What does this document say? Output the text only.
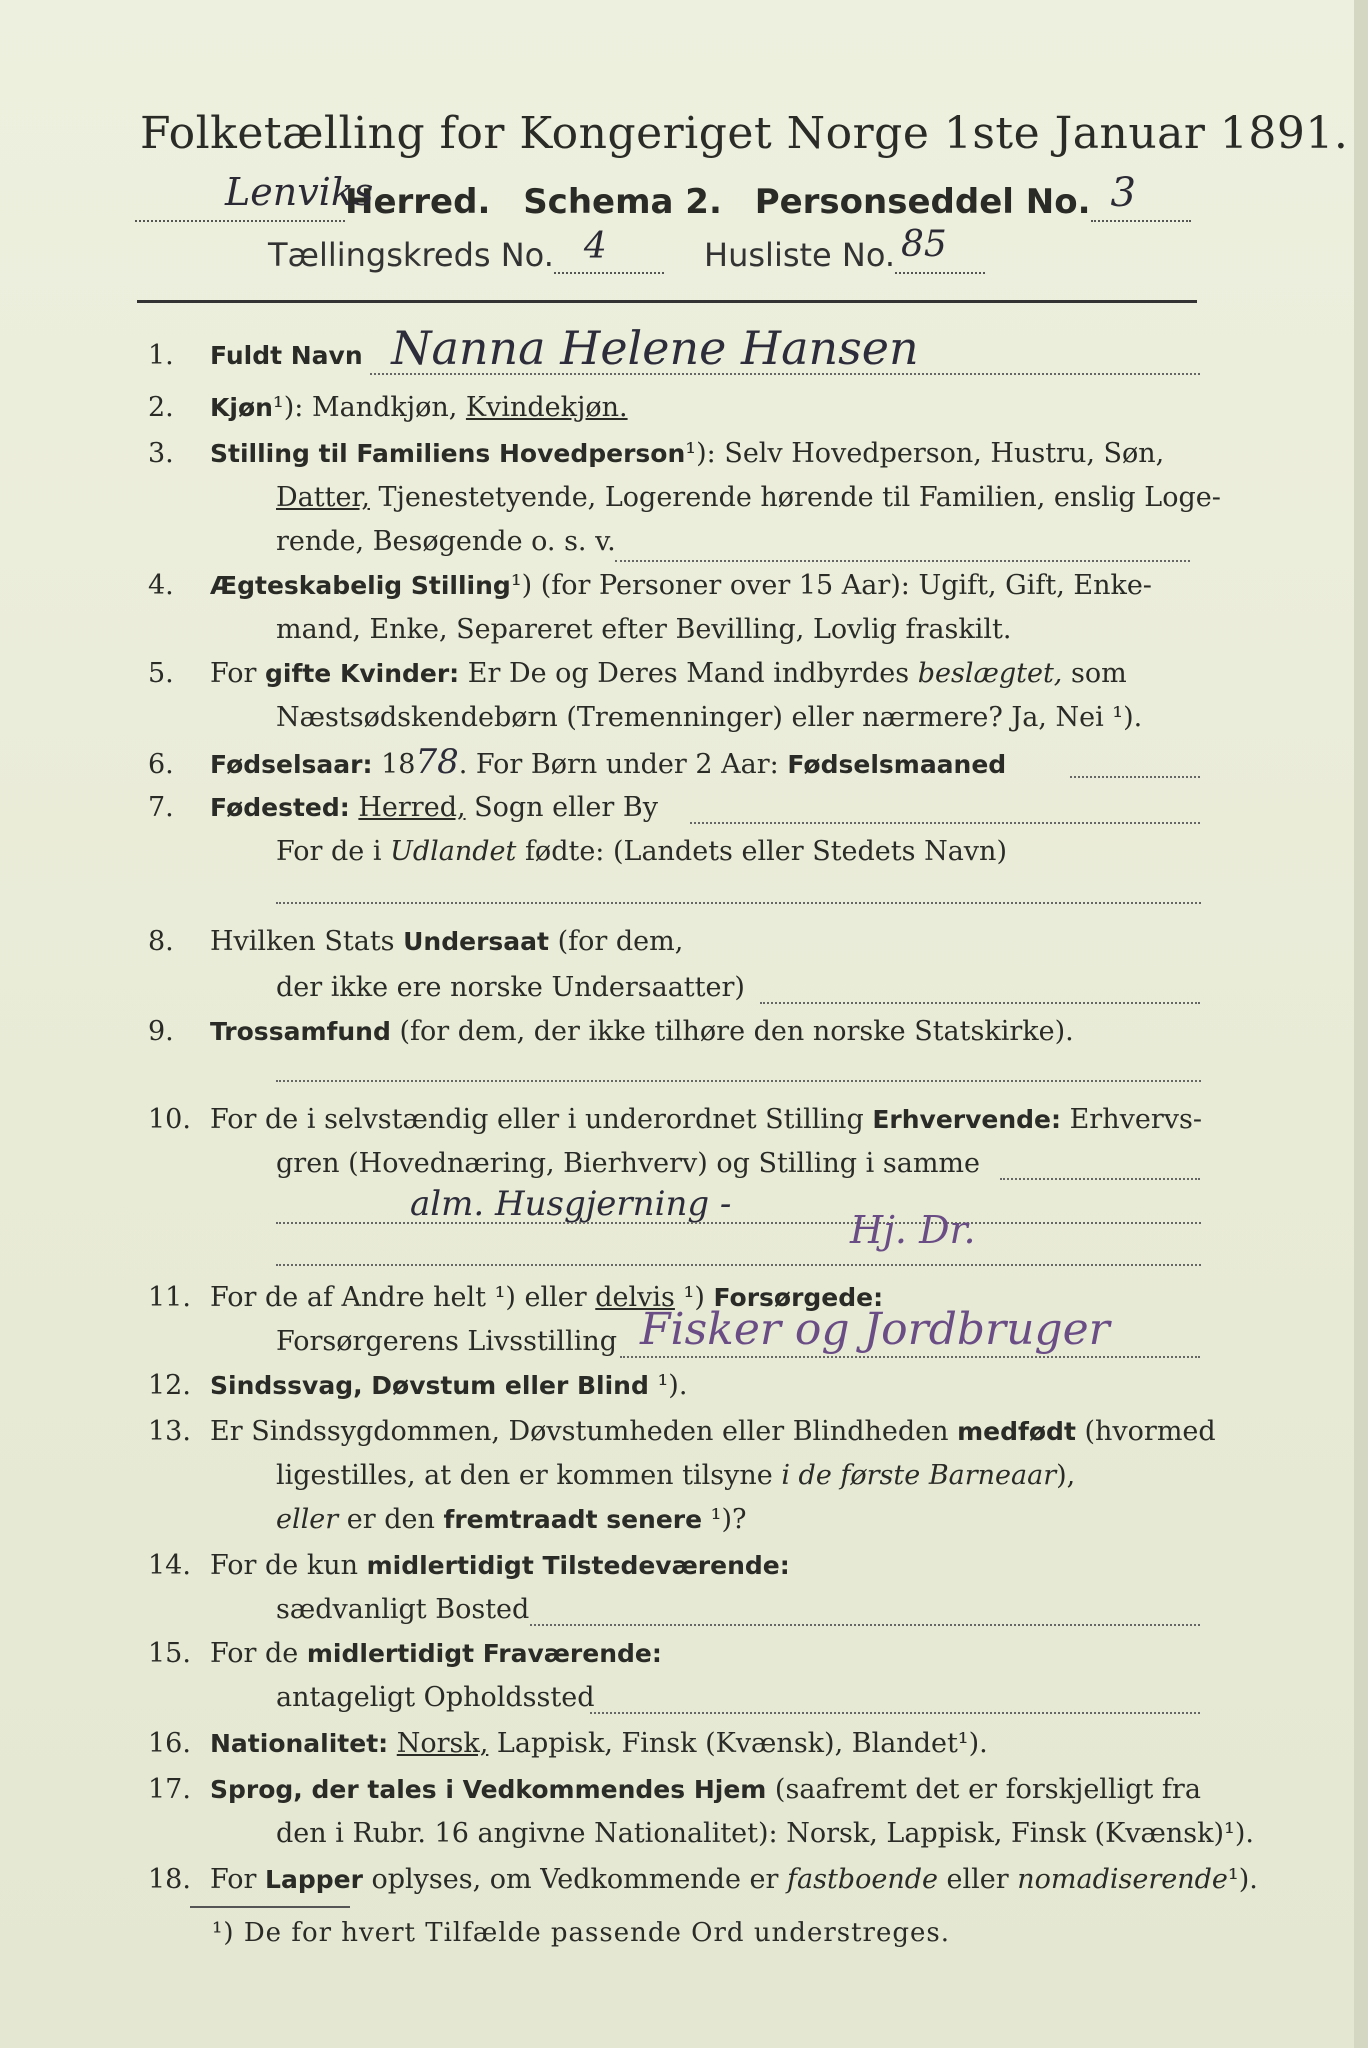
Folketælling for Kongeriget Norge 1ste Januar 1891.
Lenviks
Herred. Schema 2. Personseddel No. 3
Tællingskreds No. 4	Husliste No. 85
1. Fuldt Navn Nanna Helene Hansen
2. Kjøn¹): Mandkjøn, Kvindekjøn.
3. Stilling til Familiens Hovedperson¹): Selv Hovedperson, Hustru, Søn,
Datter, Tjenestetyende, Logerende hørende til Familien, enslig Loge-
rende, Besøgende o. s. v.
4. Ægteskabelig Stilling¹) (for Personer over 15 Aar): Ugift, Gift, Enke-
mand, Enke, Separeret efter Bevilling, Lovlig fraskilt.
5. For gifte Kvinder: Er De og Deres Mand indbyrdes beslægtet, som
Næstsødskendebørn (Tremenninger) eller nærmere? Ja, Nei ¹).
6. Fødselsaar: 1878. For Børn under 2 Aar: Fødselsmaaned
7. Fødested: Herred, Sogn eller By
For de i Udlandet fødte: (Landets eller Stedets Navn)
8. Hvilken Stats Undersaat (for dem,
der ikke ere norske Undersaatter)
9. Trossamfund (for dem, der ikke tilhøre den norske Statskirke).
10. For de i selvstændig eller i underordnet Stilling Erhvervende: Erhvervs-
gren (Hovednæring, Bierhverv) og Stilling i samme
alm. Husgjerning -
Hj. Dr.
11. For de af Andre helt ¹) eller delvis ¹) Forsørgede:
Forsørgerens Livsstilling Fisker og Jordbruger
12. Sindssvag, Døvstum eller Blind ¹).
13. Er Sindssygdommen, Døvstumheden eller Blindheden medfødt (hvormed
ligestilles, at den er kommen tilsyne i de første Barneaar),
eller er den fremtraadt senere ¹)?
14. For de kun midlertidigt Tilstedeværende:
sædvanligt Bosted
15. For de midlertidigt Fraværende:
antageligt Opholdssted
16. Nationalitet: Norsk, Lappisk, Finsk (Kvænsk), Blandet¹).
17. Sprog, der tales i Vedkommendes Hjem (saafremt det er forskjelligt fra
den i Rubr. 16 angivne Nationalitet): Norsk, Lappisk, Finsk (Kvænsk)¹).
18. For Lapper oplyses, om Vedkommende er fastboende eller nomadiserende¹).
¹) De for hvert Tilfælde passende Ord understreges.
